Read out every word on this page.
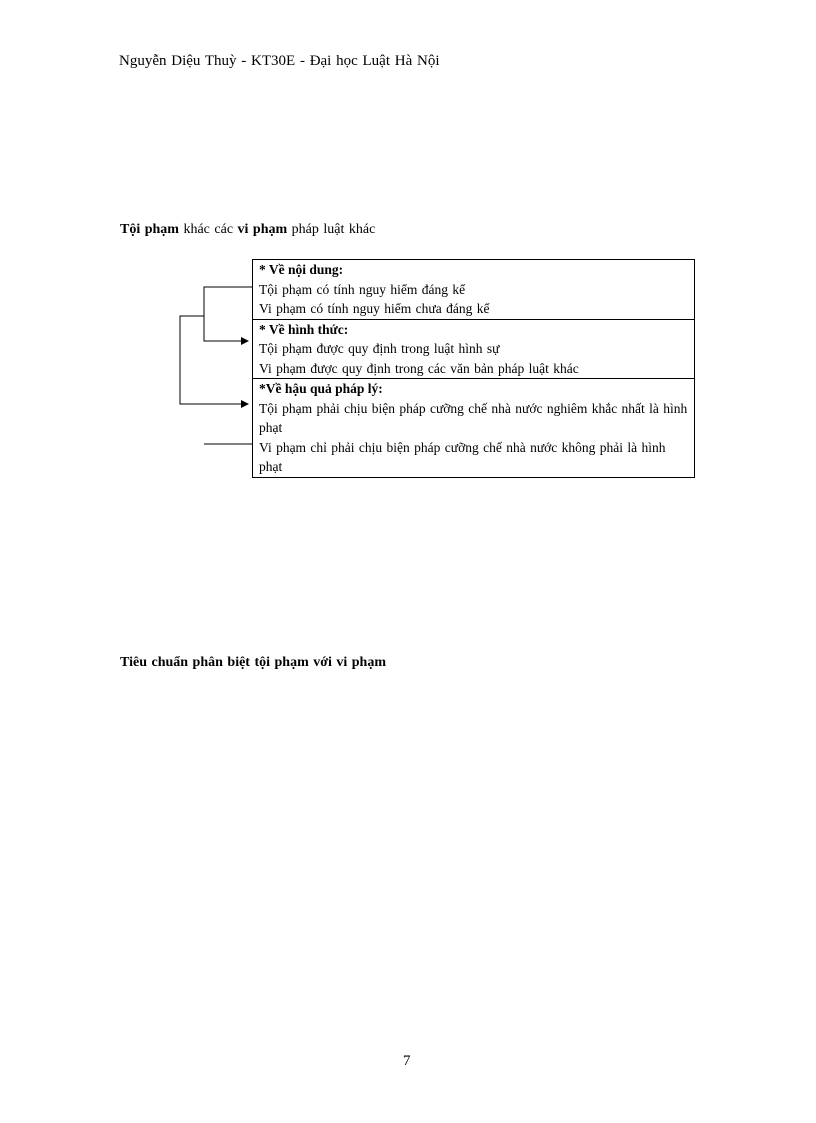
Nguyễn Diệu Thuỳ - KT30E - Đại học Luật Hà Nội
Tội phạm khác các vi phạm pháp luật khác
* Về nội dung:
Tội phạm có tính nguy hiểm đáng kể
Vi phạm có tính nguy hiểm chưa đáng kể
* Về hình thức:
Tội phạm được quy định trong luật hình sự
Vi phạm được quy định trong các văn bản pháp luật khác
*Về hậu quả pháp lý:
Tội phạm phải chịu biện pháp cưỡng chế nhà nước nghiêm khắc nhất là hình phạt
Vi phạm chỉ phải chịu biện pháp cưỡng chế nhà nước không phải là hình phạt
Tiêu chuẩn phân biệt tội phạm với vi phạm
7
